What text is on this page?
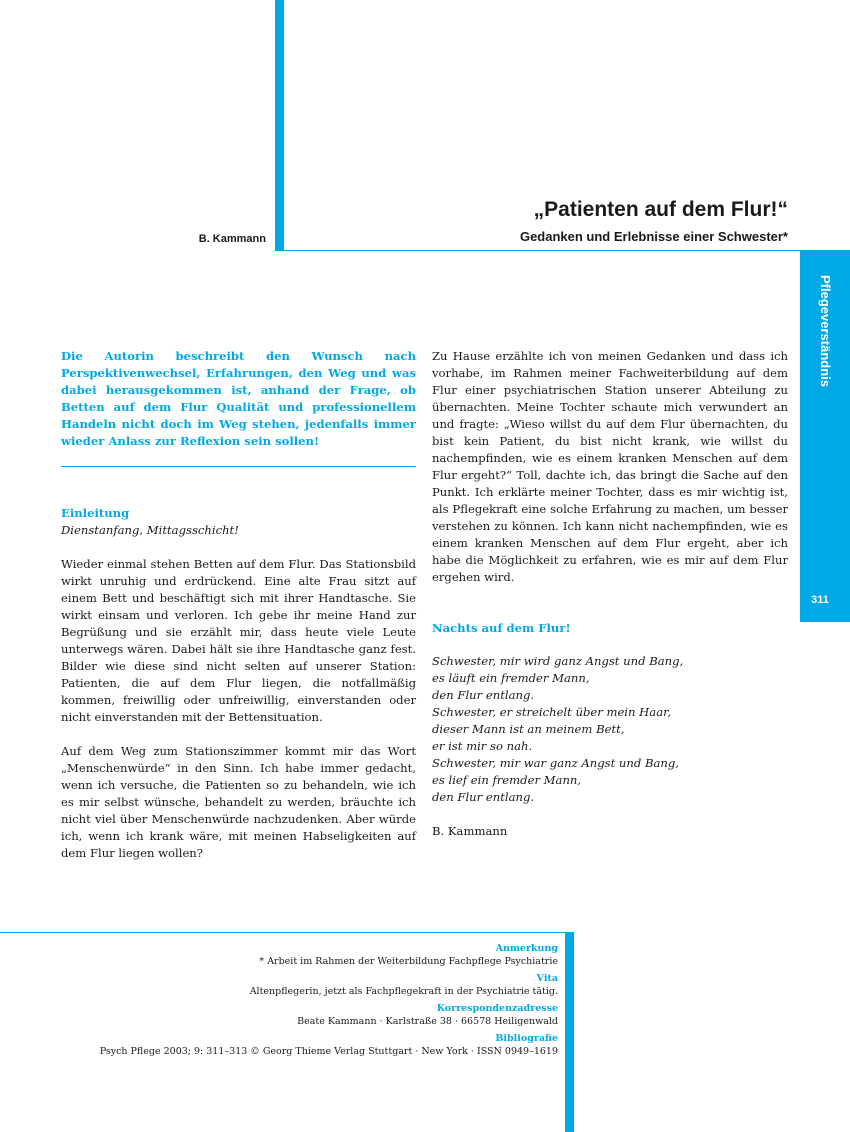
„Patienten auf dem Flur!“
Gedanken und Erlebnisse einer Schwester*
B. Kammann
Pflegeverständnis
311

Die Autorin beschreibt den Wunsch nach Perspektivenwechsel, Erfahrungen, den Weg und was dabei herausgekommen ist, anhand der Frage, ob Betten auf dem Flur Qualität und professionellem Handeln nicht doch im Weg stehen, jedenfalls immer wieder Anlass zur Reflexion sein sollen!

Einleitung

Dienstanfang, Mittagsschicht!

Wieder einmal stehen Betten auf dem Flur. Das Stationsbild wirkt unruhig und erdrückend. Eine alte Frau sitzt auf einem Bett und beschäftigt sich mit ihrer Handtasche. Sie wirkt einsam und verloren. Ich gebe ihr meine Hand zur Begrüßung und sie erzählt mir, dass heute viele Leute unterwegs wären. Dabei hält sie ihre Handtasche ganz fest. Bilder wie diese sind nicht selten auf unserer Station: Patienten, die auf dem Flur liegen, die notfallmäßig kommen, freiwillig oder unfreiwillig, einverstanden oder nicht einverstanden mit der Bettensituation.

Auf dem Weg zum Stationszimmer kommt mir das Wort „Menschenwürde“ in den Sinn. Ich habe immer gedacht, wenn ich versuche, die Patienten so zu behandeln, wie ich es mir selbst wünsche, behandelt zu werden, bräuchte ich nicht viel über Menschenwürde nachzudenken. Aber würde ich, wenn ich krank wäre, mit meinen Habseligkeiten auf dem Flur liegen wollen?

Zu Hause erzählte ich von meinen Gedanken und dass ich vorhabe, im Rahmen meiner Fachweiterbildung auf dem Flur einer psychiatrischen Station unserer Abteilung zu übernachten. Meine Tochter schaute mich verwundert an und fragte: „Wieso willst du auf dem Flur übernachten, du bist kein Patient, du bist nicht krank, wie willst du nachempfinden, wie es einem kranken Menschen auf dem Flur ergeht?“ Toll, dachte ich, das bringt die Sache auf den Punkt. Ich erklärte meiner Tochter, dass es mir wichtig ist, als Pflegekraft eine solche Erfahrung zu machen, um besser verstehen zu können. Ich kann nicht nachempfinden, wie es einem kranken Menschen auf dem Flur ergeht, aber ich habe die Möglichkeit zu erfahren, wie es mir auf dem Flur ergehen wird.

Nachts auf dem Flur!
Schwester, mir wird ganz Angst und Bang,
es läuft ein fremder Mann,
den Flur entlang.
Schwester, er streichelt über mein Haar,
dieser Mann ist an meinem Bett,
er ist mir so nah.
Schwester, mir war ganz Angst und Bang,
es lief ein fremder Mann,
den Flur entlang.
B. Kammann
Anmerkung
* Arbeit im Rahmen der Weiterbildung Fachpflege Psychiatrie
Vita
Altenpflegerin, jetzt als Fachpflegekraft in der Psychiatrie tätig.
Korrespondenzadresse
Beate Kammann · Karlstraße 38 · 66578 Heiligenwald
Bibliografie
Psych Pflege 2003; 9: 311–313 © Georg Thieme Verlag Stuttgart · New York · ISSN 0949–1619
